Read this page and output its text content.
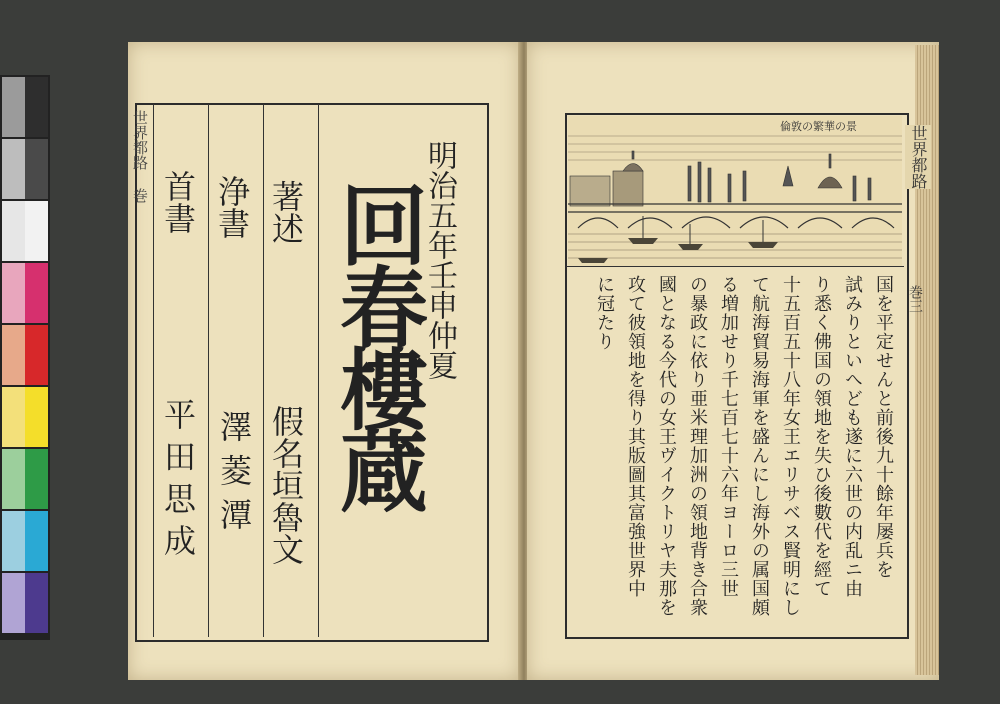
世界都路 巻	明治五年壬申仲夏
回春樓蔵
著述
假名垣魯文
浄書
澤菱潭
首書
平田思成
倫敦の繁華の景
国を平定せんと前後九十餘年屡兵を
試みりといへども遂に六世の内乱ニ由
り悉く佛国の領地を失ひ後數代を經て
十五百五十八年女王エリサベス賢明にし
て航海貿易海軍を盛んにし海外の属国頗
る増加せり千七百七十六年ヨーロ三世
の暴政に依り亜米理加洲の領地背き合衆
國となる今代の女王ヴイクトリヤ夫那を
攻て彼領地を得り其版圖其富強世界中
に冠たり
世界都路
巻三
